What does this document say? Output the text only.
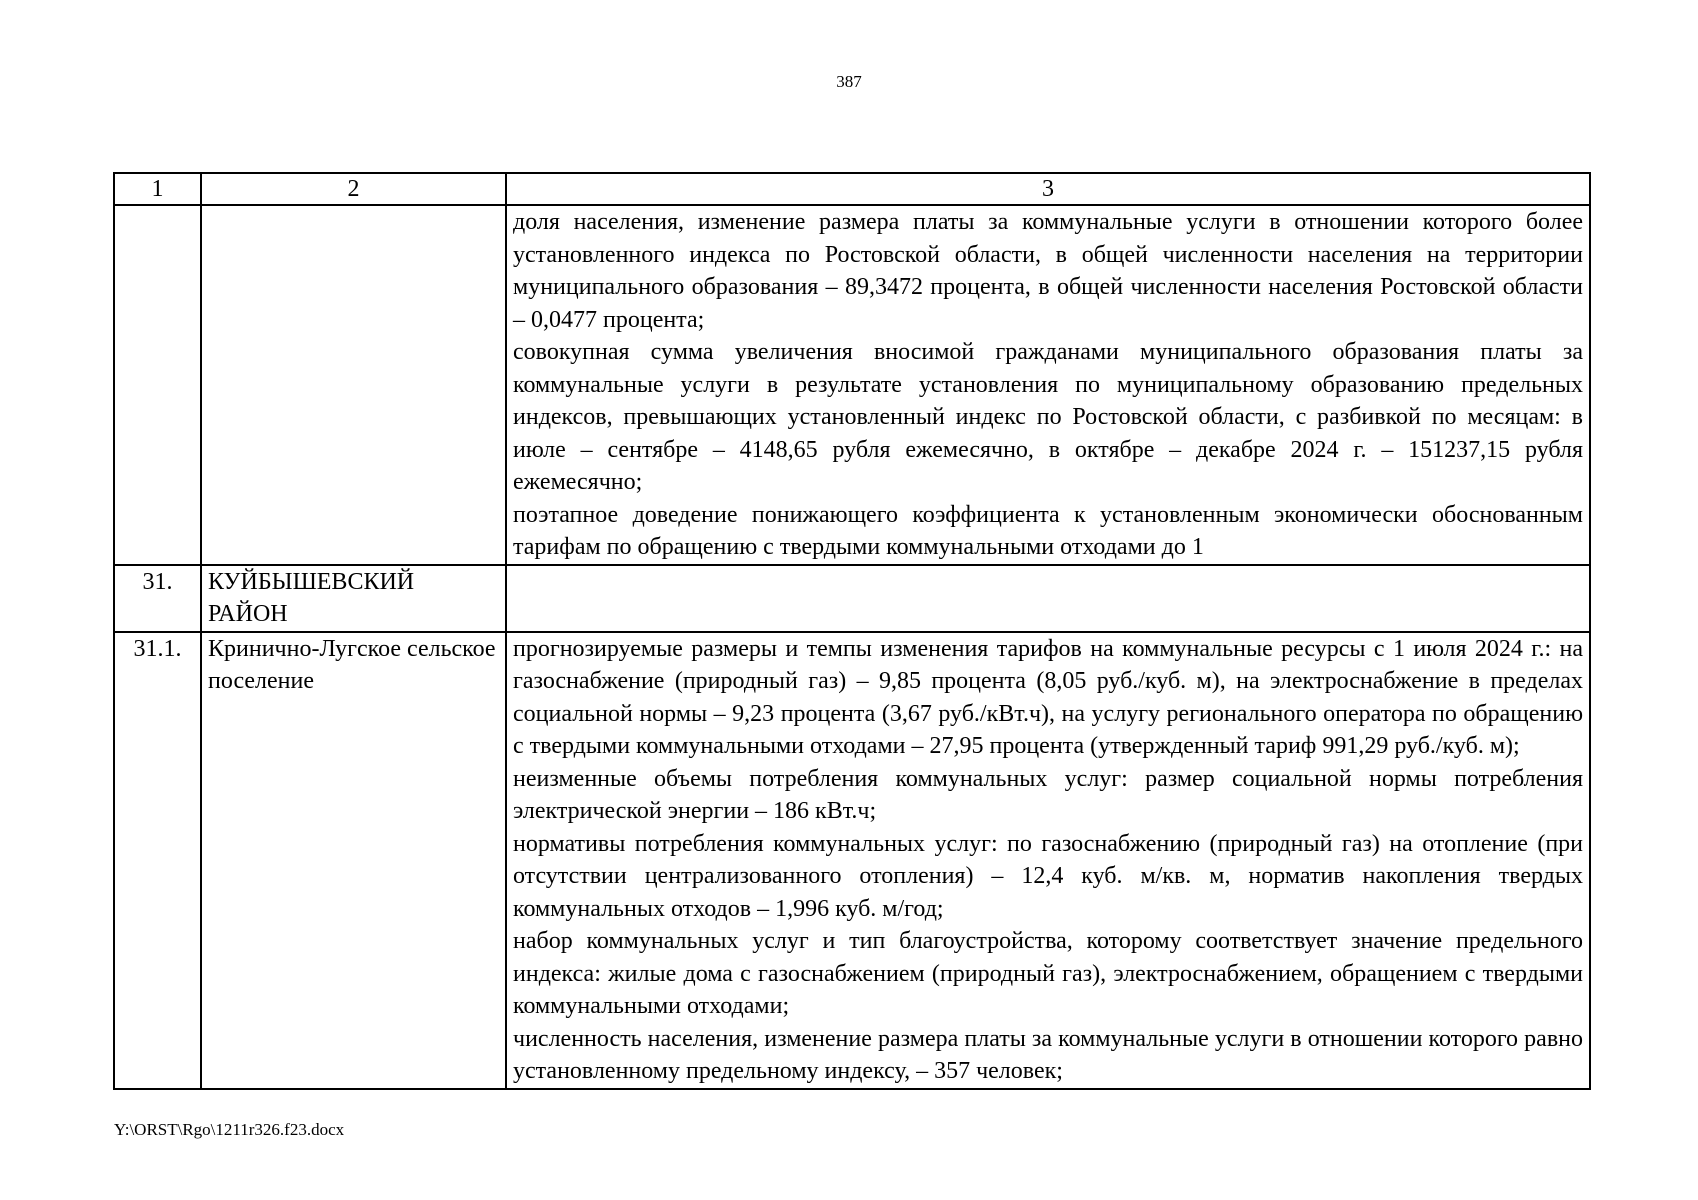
387
1	2	3

		доля населения, изменение размера платы за коммунальные услуги в отношении которого более установленного индекса по Ростовской области, в общей численности населения на территории муниципального образования – 89,3472 процента, в общей численности населения Ростовской области – 0,0477 процента;

совокупная сумма увеличения вносимой гражданами муниципального образования платы за коммунальные услуги в результате установления по муниципальному образованию предельных индексов, превышающих установленный индекс по Ростовской области, с разбивкой по месяцам: в июле – сентябре – 4148,65 рубля ежемесячно, в октябре – декабре 2024 г. – 151237,15 рубля ежемесячно;

поэтапное доведение понижающего коэффициента к установленным экономически обоснованным тарифам по обращению с твердыми коммунальными отходами до 1

31.	КУЙБЫШЕВСКИЙ РАЙОН	
31.1.	Кринично-Лугское сельское поселение	прогнозируемые размеры и темпы изменения тарифов на коммунальные ресурсы с 1 июля 2024 г.: на газоснабжение (природный газ) – 9,85 процента (8,05 руб./куб. м), на электроснабжение в пределах социальной нормы – 9,23 процента (3,67 руб./кВт.ч), на услугу регионального оператора по обращению с твердыми коммунальными отходами – 27,95 процента (утвержденный тариф 991,29 руб./куб. м);

неизменные объемы потребления коммунальных услуг: размер социальной нормы потребления электрической энергии – 186 кВт.ч;

нормативы потребления коммунальных услуг: по газоснабжению (природный газ) на отопление (при отсутствии централизованного отопления) – 12,4 куб. м/кв. м, норматив накопления твердых коммунальных отходов – 1,996 куб. м/год;

набор коммунальных услуг и тип благоустройства, которому соответствует значение предельного индекса: жилые дома с газоснабжением (природный газ), электроснабжением, обращением с твердыми коммунальными отходами;

численность населения, изменение размера платы за коммунальные услуги в отношении которого равно установленному предельному индексу, – 357 человек;

Y:\ORST\Rgo\1211r326.f23.docx
